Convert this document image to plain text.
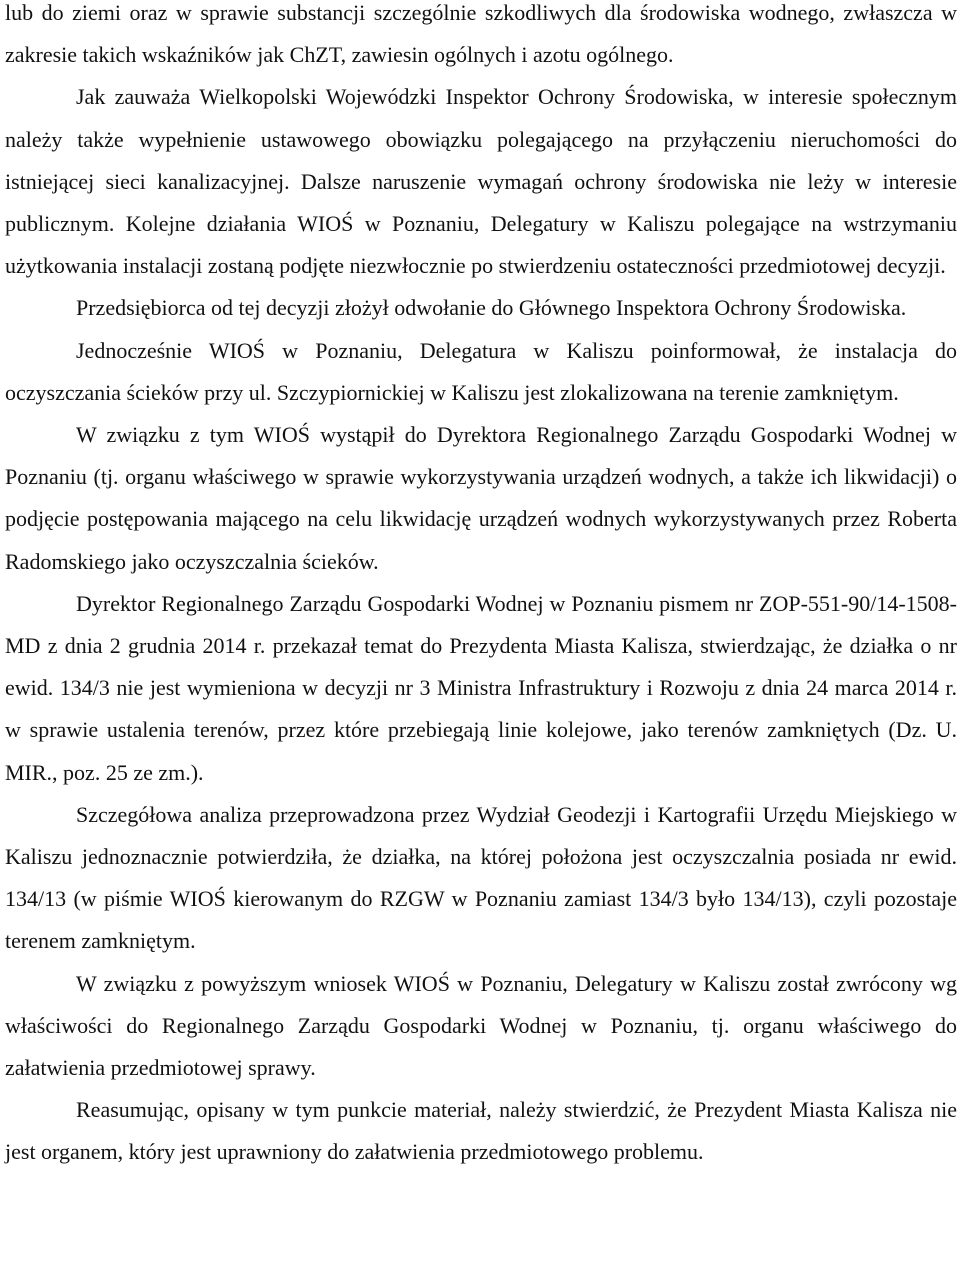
lub do ziemi oraz w sprawie substancji szczególnie szkodliwych dla środowiska wodnego, zwłaszcza w zakresie takich wskaźników jak ChZT, zawiesin ogólnych i azotu ogólnego.

Jak zauważa Wielkopolski Wojewódzki Inspektor Ochrony Środowiska, w interesie społecznym należy także wypełnienie ustawowego obowiązku polegającego na przyłączeniu nieruchomości do istniejącej sieci kanalizacyjnej. Dalsze naruszenie wymagań ochrony środowiska nie leży w interesie publicznym. Kolejne działania WIOŚ w Poznaniu, Delegatury w Kaliszu polegające na wstrzymaniu użytkowania instalacji zostaną podjęte niezwłocznie po stwierdzeniu ostateczności przedmiotowej decyzji.

Przedsiębiorca od tej decyzji złożył odwołanie do Głównego Inspektora Ochrony Środowiska.

Jednocześnie WIOŚ w Poznaniu, Delegatura w Kaliszu poinformował, że instalacja do oczyszczania ścieków przy ul. Szczypiornickiej w Kaliszu jest zlokalizowana na terenie zamkniętym.

W związku z tym WIOŚ wystąpił do Dyrektora Regionalnego Zarządu Gospodarki Wodnej w Poznaniu (tj. organu właściwego w sprawie wykorzystywania urządzeń wodnych, a także ich likwidacji) o podjęcie postępowania mającego na celu likwidację urządzeń wodnych wykorzystywanych przez Roberta Radomskiego jako oczyszczalnia ścieków.

Dyrektor Regionalnego Zarządu Gospodarki Wodnej w Poznaniu pismem nr ZOP-551-90/14-1508-MD z dnia 2 grudnia 2014 r. przekazał temat do Prezydenta Miasta Kalisza, stwierdzając, że działka o nr ewid. 134/3 nie jest wymieniona w decyzji nr 3 Ministra Infrastruktury i Rozwoju z dnia 24 marca 2014 r. w sprawie ustalenia terenów, przez które przebiegają linie kolejowe, jako terenów zamkniętych (Dz. U. MIR., poz. 25 ze zm.).

Szczegółowa analiza przeprowadzona przez Wydział Geodezji i Kartografii Urzędu Miejskiego w Kaliszu jednoznacznie potwierdziła, że działka, na której położona jest oczyszczalnia posiada nr ewid. 134/13 (w piśmie WIOŚ kierowanym do RZGW w Poznaniu zamiast 134/3 było 134/13), czyli pozostaje terenem zamkniętym.

W związku z powyższym wniosek WIOŚ w Poznaniu, Delegatury w Kaliszu został zwrócony wg właściwości do Regionalnego Zarządu Gospodarki Wodnej w Poznaniu, tj. organu właściwego do załatwienia przedmiotowej sprawy.

Reasumując, opisany w tym punkcie materiał, należy stwierdzić, że Prezydent Miasta Kalisza nie jest organem, który jest uprawniony do załatwienia przedmiotowego problemu.
